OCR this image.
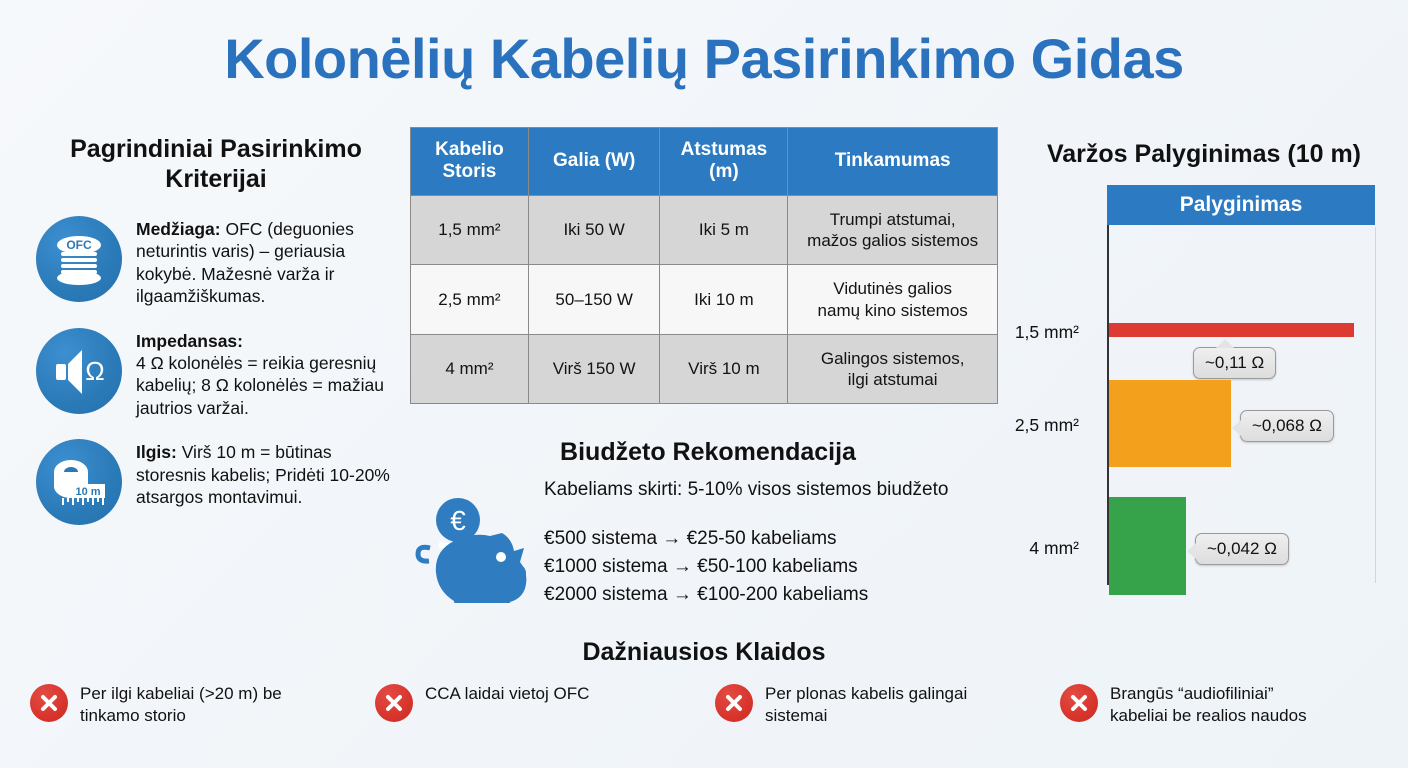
Kolonėlių Kabelių Pasirinkimo Gidas
Pagrindiniai Pasirinkimo
Kriterijai
OFC
Medžiaga: OFC (deguonies neturintis varis) – geriausia kokybė. Mažesnė varža ir ilgaamžiškumas.
Ω
Impedansas:
4 Ω kolonėlės = reikia geresnių kabelių; 8 Ω kolonėlės = mažiau jautrios varžai.
10 m
Ilgis: Virš 10 m = būtinas storesnis kabelis; Pridėti 10-20% atsargos montavimui.
Kabelio Storis	Galia (W)	Atstumas (m)	Tinkamumas
1,5 mm²	Iki 50 W	Iki 5 m	Trumpi atstumai,
mažos galios sistemos
2,5 mm²	50–150 W	Iki 10 m	Vidutinės galios
namų kino sistemos
4 mm²	Virš 150 W	Virš 10 m	Galingos sistemos,
ilgi atstumai
Biudžeto Rekomendacija
€
Kabeliams skirti: 5-10% visos sistemos biudžeto
€500 sistema → €25-50 kabeliams
€1000 sistema → €50-100 kabeliams
€2000 sistema → €100-200 kabeliams
Varžos Palyginimas (10 m)
Palyginimas
1,5 mm²
~0,11 Ω
2,5 mm²	~0,068 Ω
4 mm²	~0,042 Ω
Dažniausios Klaidos
Per ilgi kabeliai (>20 m) be
tinkamo storio
CCA laidai vietoj OFC	Per plonas kabelis galingai
sistemai
Brangūs “audiofiliniai”
kabeliai be realios naudos
